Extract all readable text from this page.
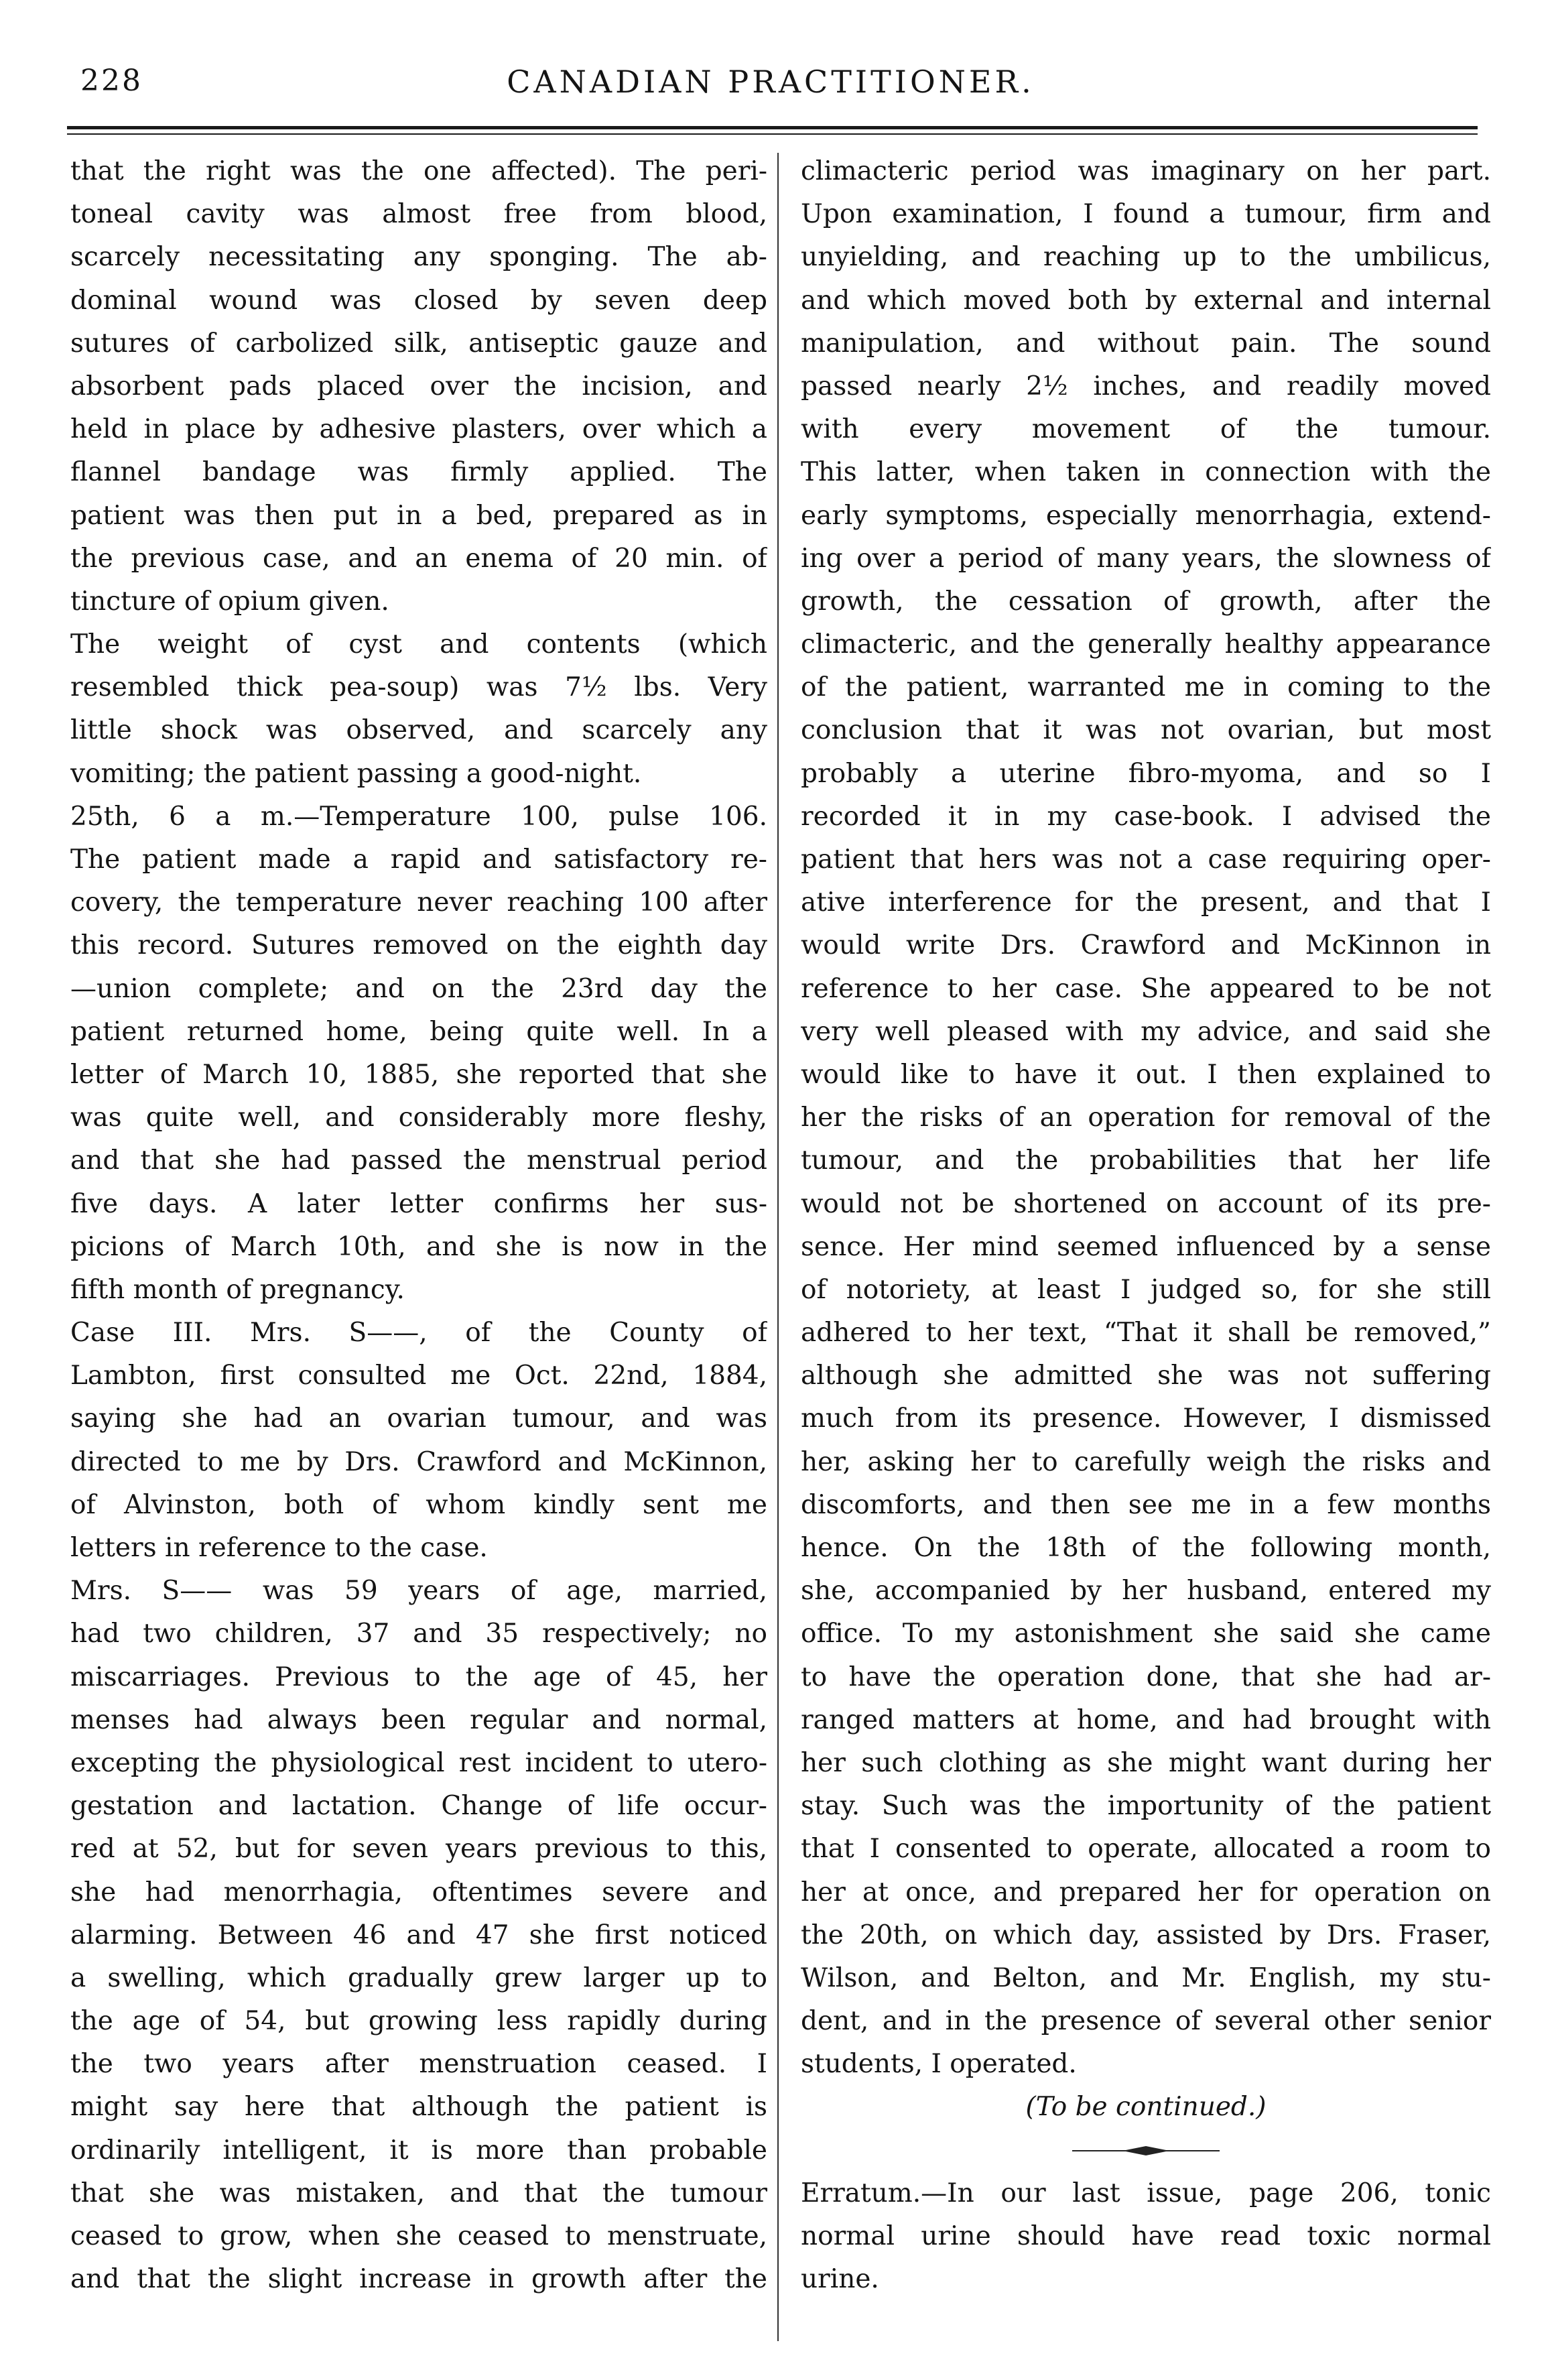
228	CANADIAN PRACTITIONER.
that the right was the one affected). The peri-
toneal cavity was almost free from blood,
scarcely necessitating any sponging. The ab-
dominal wound was closed by seven deep
sutures of carbolized silk, antiseptic gauze and
absorbent pads placed over the incision, and
held in place by adhesive plasters, over which a
flannel bandage was firmly applied. The
patient was then put in a bed, prepared as in
the previous case, and an enema of 20 min. of
tincture of opium given.
The weight of cyst and contents (which
resembled thick pea-soup) was 7½ lbs. Very
little shock was observed, and scarcely any
vomiting; the patient passing a good-night.
25th, 6 a m.—Temperature 100, pulse 106.
The patient made a rapid and satisfactory re-
covery, the temperature never reaching 100 after
this record. Sutures removed on the eighth day
—union complete; and on the 23rd day the
patient returned home, being quite well. In a
letter of March 10, 1885, she reported that she
was quite well, and considerably more fleshy,
and that she had passed the menstrual period
five days. A later letter confirms her sus-
picions of March 10th, and she is now in the
fifth month of pregnancy.
Case III. Mrs. S——, of the County of
Lambton, first consulted me Oct. 22nd, 1884,
saying she had an ovarian tumour, and was
directed to me by Drs. Crawford and McKinnon,
of Alvinston, both of whom kindly sent me
letters in reference to the case.
Mrs. S—— was 59 years of age, married,
had two children, 37 and 35 respectively; no
miscarriages. Previous to the age of 45, her
menses had always been regular and normal,
excepting the physiological rest incident to utero-
gestation and lactation. Change of life occur-
red at 52, but for seven years previous to this,
she had menorrhagia, oftentimes severe and
alarming. Between 46 and 47 she first noticed
a swelling, which gradually grew larger up to
the age of 54, but growing less rapidly during
the two years after menstruation ceased. I
might say here that although the patient is
ordinarily intelligent, it is more than probable
that she was mistaken, and that the tumour
ceased to grow, when she ceased to menstruate,
and that the slight increase in growth after the
climacteric period was imaginary on her part.
Upon examination, I found a tumour, firm and
unyielding, and reaching up to the umbilicus,
and which moved both by external and internal
manipulation, and without pain. The sound
passed nearly 2½ inches, and readily moved
with every movement of the tumour.
This latter, when taken in connection with the
early symptoms, especially menorrhagia, extend-
ing over a period of many years, the slowness of
growth, the cessation of growth, after the
climacteric, and the generally healthy appearance
of the patient, warranted me in coming to the
conclusion that it was not ovarian, but most
probably a uterine fibro-myoma, and so I
recorded it in my case-book. I advised the
patient that hers was not a case requiring oper-
ative interference for the present, and that I
would write Drs. Crawford and McKinnon in
reference to her case. She appeared to be not
very well pleased with my advice, and said she
would like to have it out. I then explained to
her the risks of an operation for removal of the
tumour, and the probabilities that her life
would not be shortened on account of its pre-
sence. Her mind seemed influenced by a sense
of notoriety, at least I judged so, for she still
adhered to her text, “That it shall be removed,”
although she admitted she was not suffering
much from its presence. However, I dismissed
her, asking her to carefully weigh the risks and
discomforts, and then see me in a few months
hence. On the 18th of the following month,
she, accompanied by her husband, entered my
office. To my astonishment she said she came
to have the operation done, that she had ar-
ranged matters at home, and had brought with
her such clothing as she might want during her
stay. Such was the importunity of the patient
that I consented to operate, allocated a room to
her at once, and prepared her for operation on
the 20th, on which day, assisted by Drs. Fraser,
Wilson, and Belton, and Mr. English, my stu-
dent, and in the presence of several other senior
students, I operated.
(To be continued.)
Erratum.—In our last issue, page 206, tonic
normal urine should have read toxic normal
urine.
